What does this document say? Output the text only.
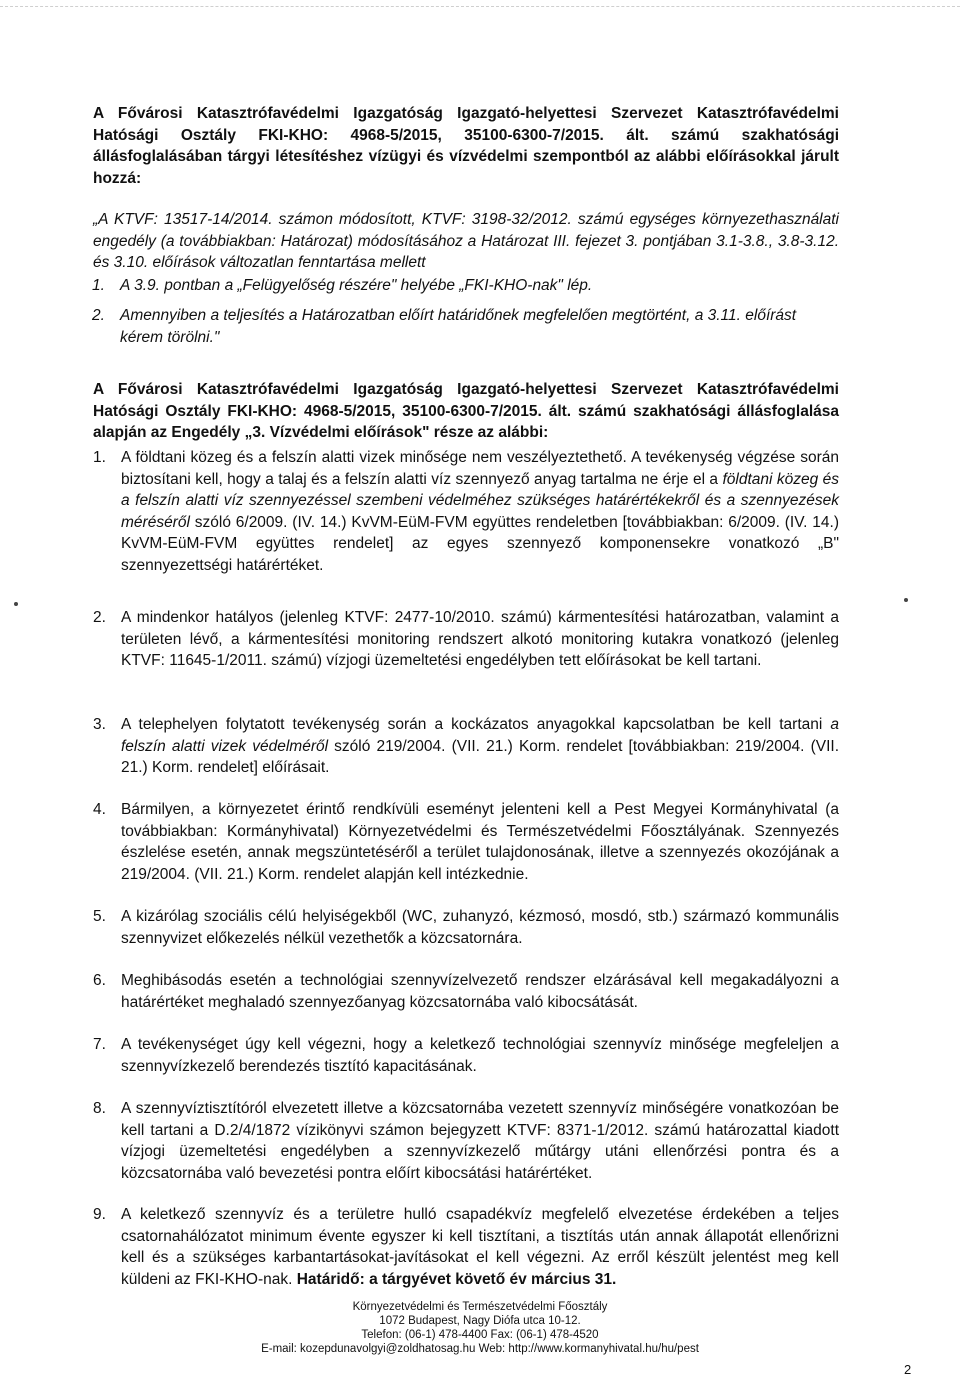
A Fővárosi Katasztrófavédelmi Igazgatóság Igazgató-helyettesi Szervezet Katasztrófavédelmi Hatósági Osztály FKI-KHO: 4968-5/2015, 35100-6300-7/2015. ált. számú szakhatósági állásfoglalásában tárgyi létesítéshez vízügyi és vízvédelmi szempontból az alábbi előírásokkal járult hozzá:

„A KTVF: 13517-14/2014. számon módosított, KTVF: 3198-32/2012. számú egységes környezethasználati engedély (a továbbiakban: Határozat) módosításához a Határozat III. fejezet 3. pontjában 3.1-3.8., 3.8-3.12. és 3.10. előírások változatlan fenntartása mellett

1. A 3.9. pontban a „Felügyelőség részére" helyébe „FKI-KHO-nak" lép.
2. Amennyiben a teljesítés a Határozatban előírt határidőnek megfelelően megtörtént, a 3.11. előírást kérem törölni."

A Fővárosi Katasztrófavédelmi Igazgatóság Igazgató-helyettesi Szervezet Katasztrófavédelmi Hatósági Osztály FKI-KHO: 4968-5/2015, 35100-6300-7/2015. ált. számú szakhatósági állásfoglalása alapján az Engedély „3. Vízvédelmi előírások" része az alábbi:

1. A földtani közeg és a felszín alatti vizek minősége nem veszélyeztethető. A tevékenység végzése során biztosítani kell, hogy a talaj és a felszín alatti víz szennyező anyag tartalma ne érje el a földtani közeg és a felszín alatti víz szennyezéssel szembeni védelméhez szükséges határértékekről és a szennyezések méréséről szóló 6/2009. (IV. 14.) KvVM-EüM-FVM együttes rendeletben [továbbiakban: 6/2009. (IV. 14.) KvVM-EüM-FVM együttes rendelet] az egyes szennyező komponensekre vonatkozó „B" szennyezettségi határértéket.

2. A mindenkor hatályos (jelenleg KTVF: 2477-10/2010. számú) kármentesítési határozatban, valamint a területen lévő, a kármentesítési monitoring rendszert alkotó monitoring kutakra vonatkozó (jelenleg KTVF: 11645-1/2011. számú) vízjogi üzemeltetési engedélyben tett előírásokat be kell tartani.

3. A telephelyen folytatott tevékenység során a kockázatos anyagokkal kapcsolatban be kell tartani a felszín alatti vizek védelméről szóló 219/2004. (VII. 21.) Korm. rendelet [továbbiakban: 219/2004. (VII. 21.) Korm. rendelet] előírásait.

4. Bármilyen, a környezetet érintő rendkívüli eseményt jelenteni kell a Pest Megyei Kormányhivatal (a továbbiakban: Kormányhivatal) Környezetvédelmi és Természetvédelmi Főosztályának. Szennyezés észlelése esetén, annak megszüntetéséről a terület tulajdonosának, illetve a szennyezés okozójának a 219/2004. (VII. 21.) Korm. rendelet alapján kell intézkednie.

5. A kizárólag szociális célú helyiségekből (WC, zuhanyzó, kézmosó, mosdó, stb.) származó kommunális szennyvizet előkezelés nélkül vezethetők a közcsatornára.

6. Meghibásodás esetén a technológiai szennyvízelvezető rendszer elzárásával kell megakadályozni a határértéket meghaladó szennyezőanyag közcsatornába való kibocsátását.

7. A tevékenységet úgy kell végezni, hogy a keletkező technológiai szennyvíz minősége megfeleljen a szennyvízkezelő berendezés tisztító kapacitásának.

8. A szennyvíztisztítóról elvezetett illetve a közcsatornába vezetett szennyvíz minőségére vonatkozóan be kell tartani a D.2/4/1872 vízikönyvi számon bejegyzett KTVF: 8371-1/2012. számú határozattal kiadott vízjogi üzemeltetési engedélyben a szennyvízkezelő műtárgy utáni ellenőrzési pontra és a közcsatornába való bevezetési pontra előírt kibocsátási határértéket.

9. A keletkező szennyvíz és a területre hulló csapadékvíz megfelelő elvezetése érdekében a teljes csatornahálózatot minimum évente egyszer ki kell tisztítani, a tisztítás után annak állapotát ellenőrizni kell és a szükséges karbantartásokat-javításokat el kell végezni. Az erről készült jelentést meg kell küldeni az FKI-KHO-nak. Határidő: a tárgyévet követő év március 31.

Környezetvédelmi és Természetvédelmi Főosztály
1072 Budapest, Nagy Diófa utca 10-12.
Telefon: (06-1) 478-4400 Fax: (06-1) 478-4520
E-mail: kozepdunavolgyi@zoldhatosag.hu Web: http://www.kormanyhivatal.hu/hu/pest
2
